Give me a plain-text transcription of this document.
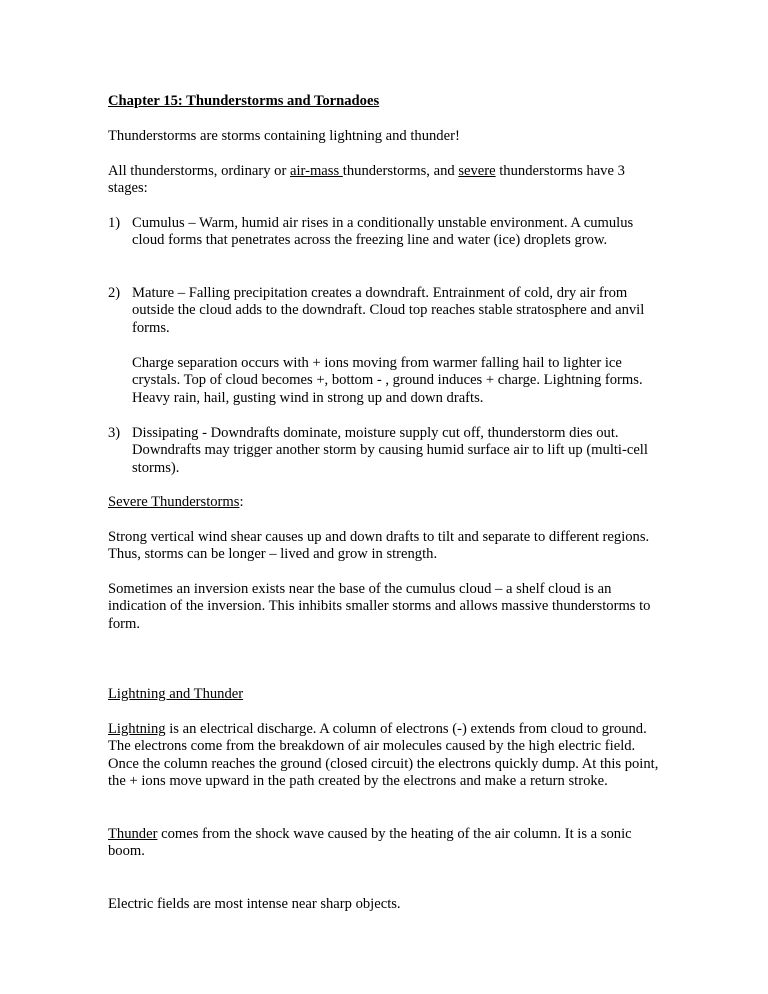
Chapter 15: Thunderstorms and Tornadoes

Thunderstorms are storms containing lightning and thunder!

All thunderstorms, ordinary or air-mass thunderstorms, and severe thunderstorms have 3 stages:

1) Cumulus – Warm, humid air rises in a conditionally unstable environment. A cumulus cloud forms that penetrates across the freezing line and water (ice) droplets grow.
2) Mature – Falling precipitation creates a downdraft. Entrainment of cold, dry air from outside the cloud adds to the downdraft. Cloud top reaches stable stratosphere and anvil forms.

Charge separation occurs with + ions moving from warmer falling hail to lighter ice crystals. Top of cloud becomes +, bottom - , ground induces + charge. Lightning forms. Heavy rain, hail, gusting wind in strong up and down drafts.

3) Dissipating - Downdrafts dominate, moisture supply cut off, thunderstorm dies out. Downdrafts may trigger another storm by causing humid surface air to lift up (multi-cell storms).

Severe Thunderstorms:

Strong vertical wind shear causes up and down drafts to tilt and separate to different regions. Thus, storms can be longer – lived and grow in strength.

Sometimes an inversion exists near the base of the cumulus cloud – a shelf cloud is an indication of the inversion. This inhibits smaller storms and allows massive thunderstorms to form.

Lightning and Thunder

Lightning is an electrical discharge. A column of electrons (-) extends from cloud to ground. The electrons come from the breakdown of air molecules caused by the high electric field. Once the column reaches the ground (closed circuit) the electrons quickly dump. At this point, the + ions move upward in the path created by the electrons and make a return stroke.

Thunder comes from the shock wave caused by the heating of the air column. It is a sonic boom.

Electric fields are most intense near sharp objects.
